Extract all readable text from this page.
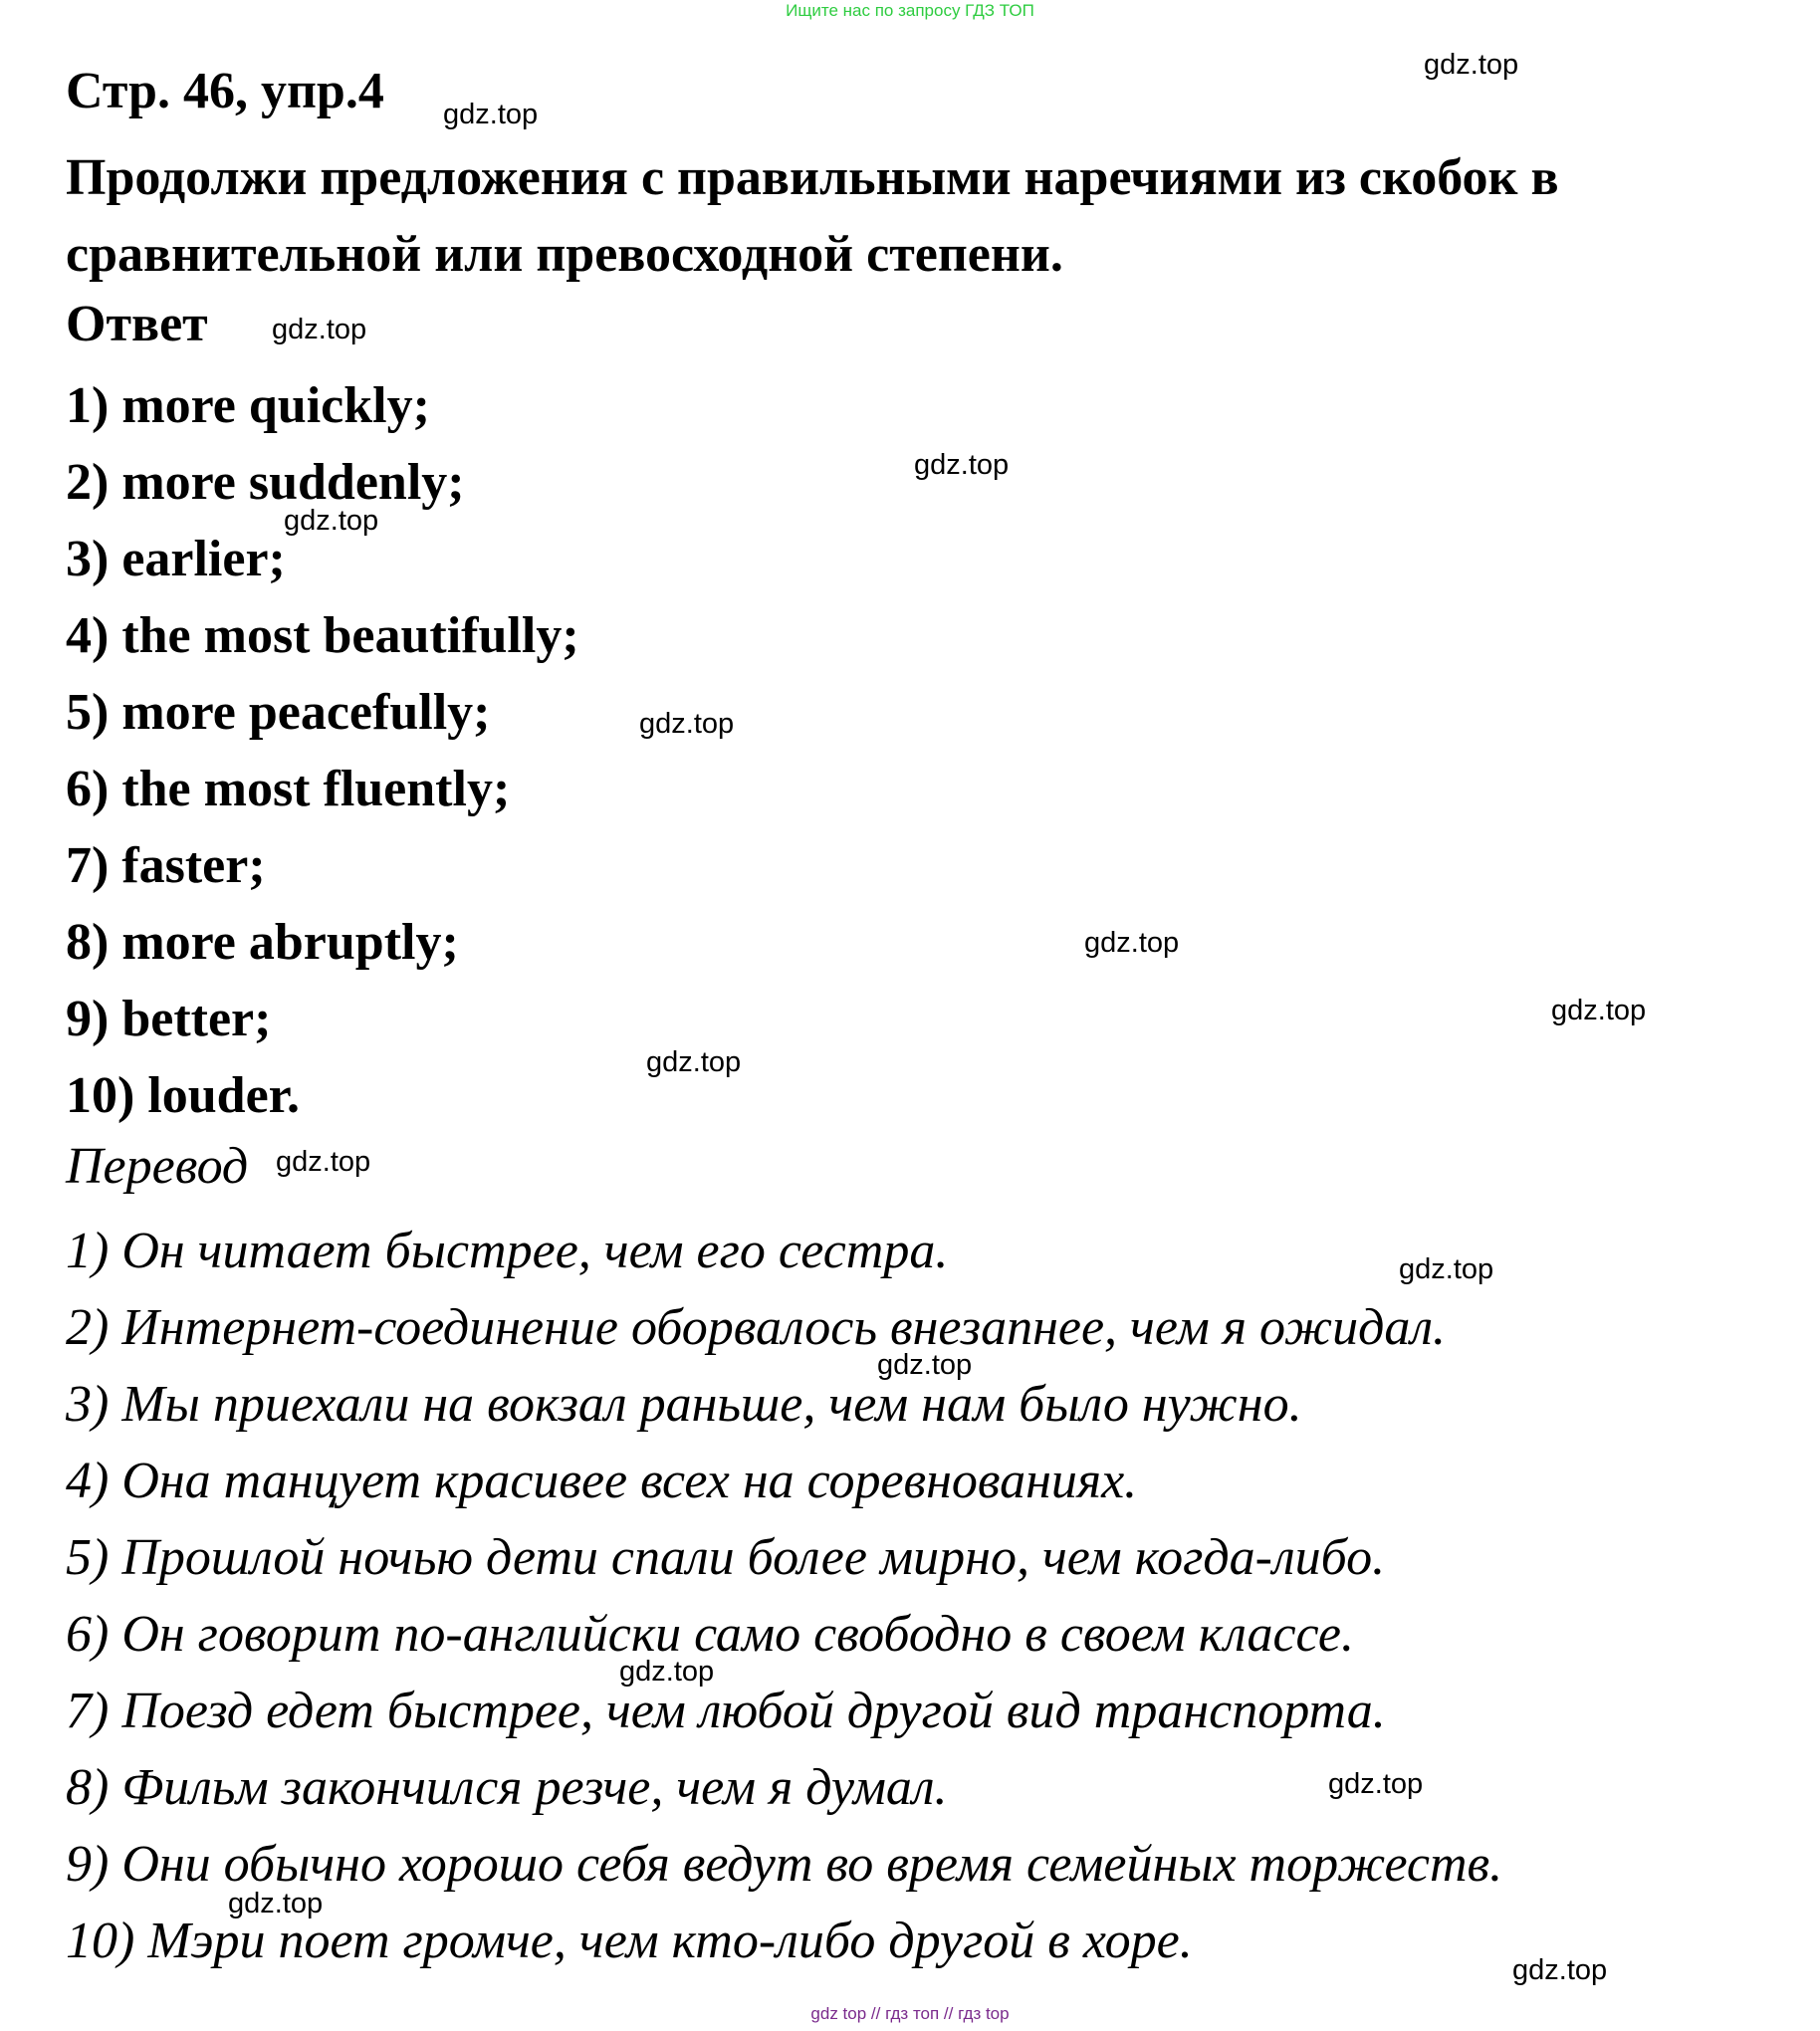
Ищите нас по запросу ГДЗ ТОП
Стр. 46, упр.4
Продолжи предложения с правильными наречиями из скобок в сравнительной или превосходной степени.
Ответ
1) more quickly;
2) more suddenly;
3) earlier;
4) the most beautifully;
5) more peacefully;
6) the most fluently;
7) faster;
8) more abruptly;
9) better;
10) louder.
Перевод
1) Он читает быстрее, чем его сестра.
2) Интернет-соединение оборвалось внезапнее, чем я ожидал.
3) Мы приехали на вокзал раньше, чем нам было нужно.
4) Она танцует красивее всех на соревнованиях.
5) Прошлой ночью дети спали более мирно, чем когда-либо.
6) Он говорит по-английски само свободно в своем классе.
7) Поезд едет быстрее, чем любой другой вид транспорта.
8) Фильм закончился резче, чем я думал.
9) Они обычно хорошо себя ведут во время семейных торжеств.
10) Мэри поет громче, чем кто-либо другой в хоре.
gdz.top
gdz.top
gdz.top
gdz.top
gdz.top
gdz.top
gdz.top
gdz.top
gdz.top
gdz.top
gdz.top
gdz.top
gdz.top
gdz.top
gdz.top
gdz.top
gdz top // гдз топ // гдз top
